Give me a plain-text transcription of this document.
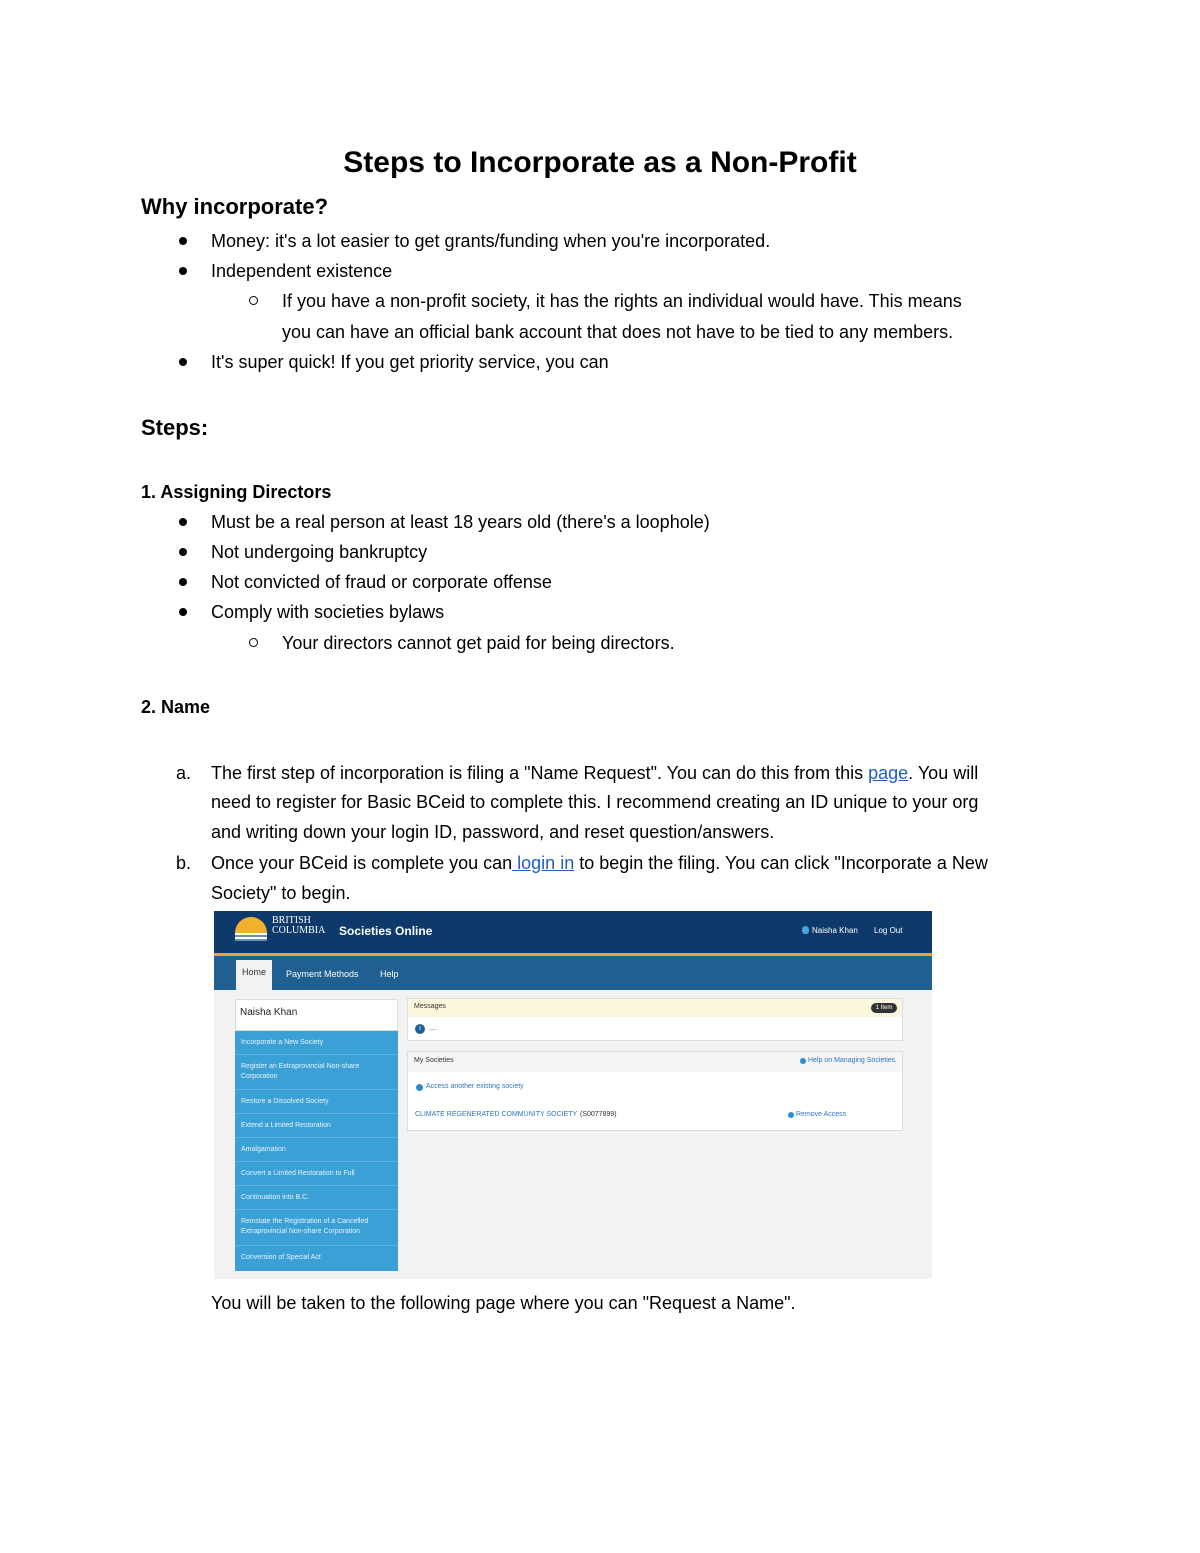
Steps to Incorporate as a Non-Profit
Why incorporate?
Money: it's a lot easier to get grants/funding when you're incorporated.
Independent existence
If you have a non-profit society, it has the rights an individual would have. This means
you can have an official bank account that does not have to be tied to any members.
It's super quick! If you get priority service, you can
Steps:
1. Assigning Directors
Must be a real person at least 18 years old (there's a loophole)
Not undergoing bankruptcy
Not convicted of fraud or corporate offense
Comply with societies bylaws
Your directors cannot get paid for being directors.
2. Name
a. The first step of incorporation is filing a "Name Request". You can do this from this page. You will
need to register for Basic BCeid to complete this. I recommend creating an ID unique to your org
and writing down your login ID, password, and reset question/answers.
b. Once your BCeid is complete you can login in to begin the filing. You can click "Incorporate a New
Society" to begin.
BRITISH
COLUMBIA Societies Online	Naisha Khan Log Out
Home	Payment Methods Help
Naisha Khan
Incorporate a New Society
Register an Extraprovincial Non-share Corporation
Restore a Dissolved Society
Extend a Limited Restoration
Amalgamation
Convert a Limited Restoration to Full
Continuation into B.C.
Reinstate the Registration of a Cancelled Extraprovincial Non-share Corporation
Conversion of Special Act
Messages	1 Item
i	....
My Societies	Help on Managing Societies
Access another existing society
CLIMATE REGENERATED COMMUNITY SOCIETY (S0077899)	Remove Access
You will be taken to the following page where you can "Request a Name".
